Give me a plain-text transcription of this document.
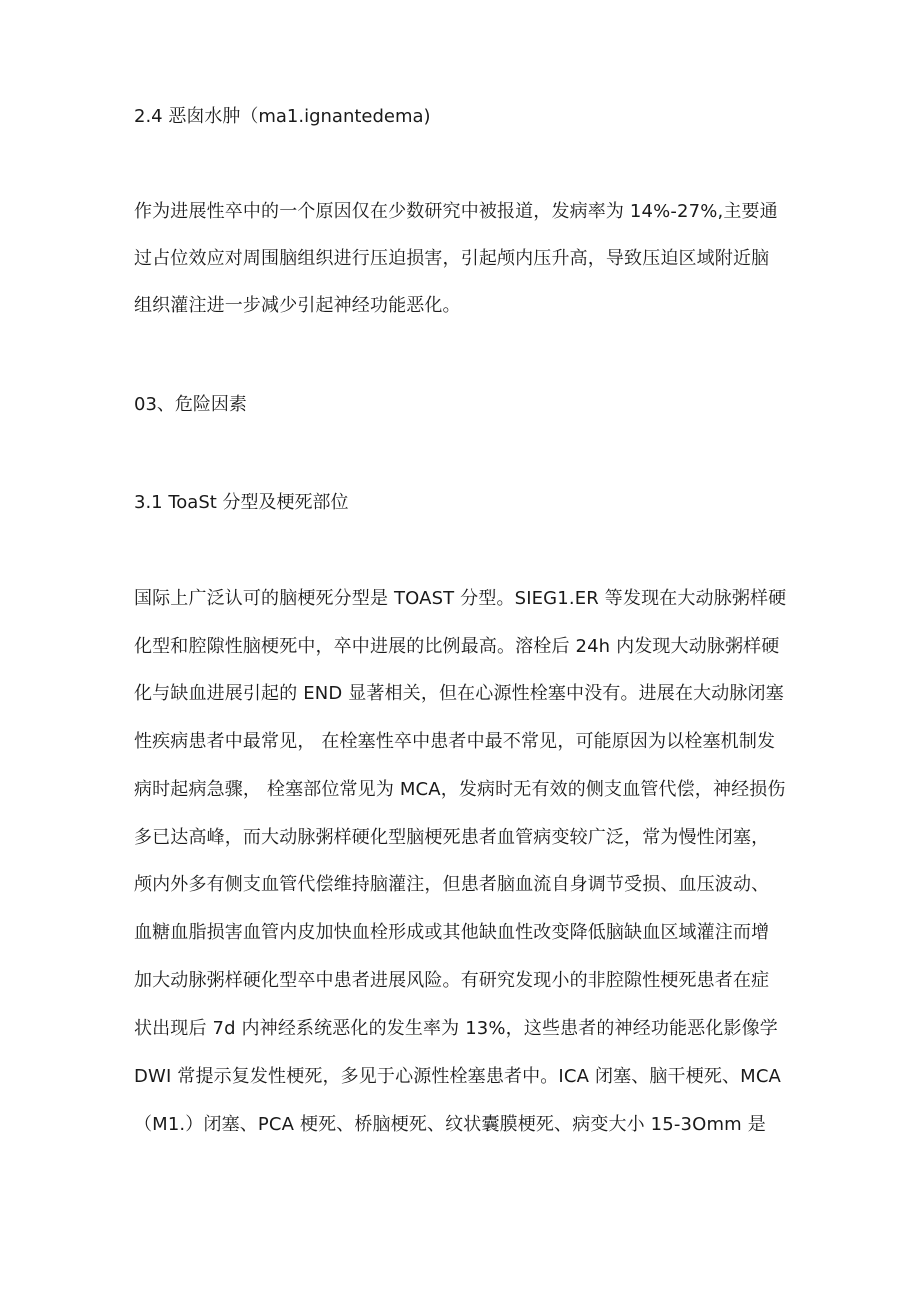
2.4 恶囱水肿（ma1.ignantedema)
作为进展性卒中的一个原因仅在少数研究中被报道，发病率为 14%-27%,主要通
过占位效应对周围脑组织进行压迫损害，引起颅内压升高，导致压迫区域附近脑
组织灌注进一步减少引起神经功能恶化。
03、危险因素
3.1 ToaSt 分型及梗死部位
国际上广泛认可的脑梗死分型是 TOAST 分型。SIEG1.ER 等发现在大动脉粥样硬
化型和腔隙性脑梗死中，卒中进展的比例最高。溶栓后 24h 内发现大动脉粥样硬
化与缺血进展引起的 END 显著相关，但在心源性栓塞中没有。进展在大动脉闭塞
性疾病患者中最常见， 在栓塞性卒中患者中最不常见，可能原因为以栓塞机制发
病时起病急骤， 栓塞部位常见为 MCA，发病时无有效的侧支血管代偿，神经损伤
多已达高峰，而大动脉粥样硬化型脑梗死患者血管病变较广泛，常为慢性闭塞，
颅内外多有侧支血管代偿维持脑灌注，但患者脑血流自身调节受损、血压波动、
血糖血脂损害血管内皮加快血栓形成或其他缺血性改变降低脑缺血区域灌注而增
加大动脉粥样硬化型卒中患者进展风险。有研究发现小的非腔隙性梗死患者在症
状出现后 7d 内神经系统恶化的发生率为 13%，这些患者的神经功能恶化影像学
DWI 常提示复发性梗死，多见于心源性栓塞患者中。ICA 闭塞、脑干梗死、MCA
（M1.）闭塞、PCA 梗死、桥脑梗死、纹状囊膜梗死、病变大小 15-3Omm 是
